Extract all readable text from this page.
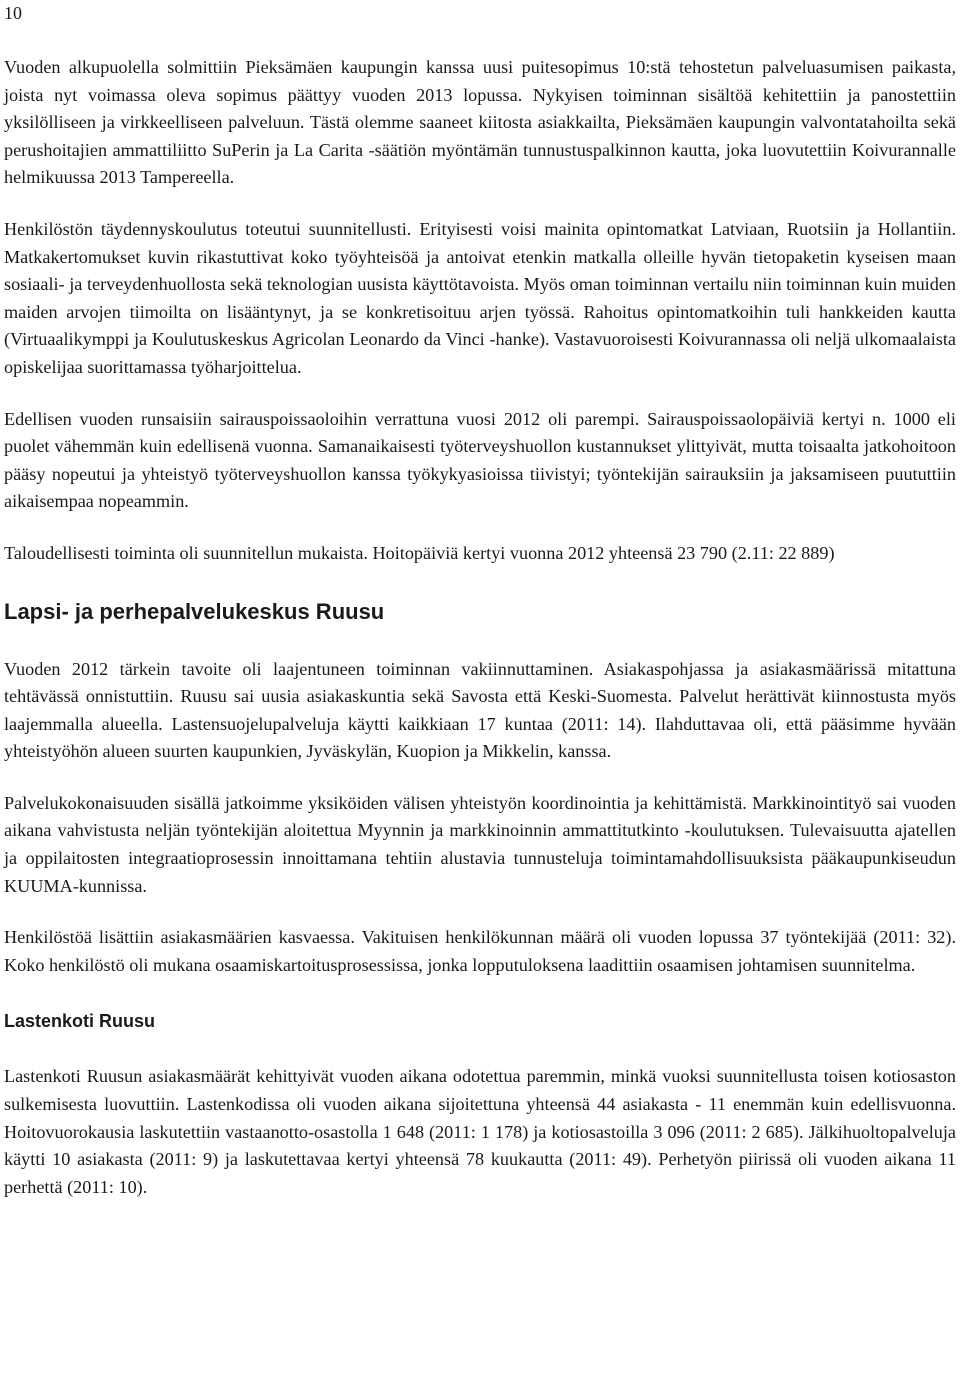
10

Vuoden alkupuolella solmittiin Pieksämäen kaupungin kanssa uusi puitesopimus 10:stä tehostetun palveluasumisen paikasta, joista nyt voimassa oleva sopimus päättyy vuoden 2013 lopussa. Nykyisen toiminnan sisältöä kehitettiin ja panostettiin yksilölliseen ja virkkeelliseen palveluun. Tästä olemme saaneet kiitosta asiakkailta, Pieksämäen kaupungin valvontatahoilta sekä perushoitajien ammattiliitto SuPerin ja La Carita -säätiön myöntämän tunnustuspalkinnon kautta, joka luovutettiin Koivurannalle helmikuussa 2013 Tampereella.

Henkilöstön täydennyskoulutus toteutui suunnitellusti. Erityisesti voisi mainita opintomatkat Latviaan, Ruotsiin ja Hollantiin. Matkakertomukset kuvin rikastuttivat koko työyhteisöä ja antoivat etenkin matkalla olleille hyvän tietopaketin kyseisen maan sosiaali- ja terveydenhuollosta sekä teknologian uusista käyttötavoista. Myös oman toiminnan vertailu niin toiminnan kuin muiden maiden arvojen tiimoilta on lisääntynyt, ja se konkretisoituu arjen työssä. Rahoitus opintomatkoihin tuli hankkeiden kautta (Virtuaalikymppi ja Koulutuskeskus Agricolan Leonardo da Vinci -hanke). Vastavuoroisesti Koivurannassa oli neljä ulkomaalaista opiskelijaa suorittamassa työharjoittelua.

Edellisen vuoden runsaisiin sairauspoissaoloihin verrattuna vuosi 2012 oli parempi. Sairauspoissaolopäiviä kertyi n. 1000 eli puolet vähemmän kuin edellisenä vuonna. Samanaikaisesti työterveyshuollon kustannukset ylittyivät, mutta toisaalta jatkohoitoon pääsy nopeutui ja yhteistyö työterveyshuollon kanssa työkykyasioissa tiivistyi; työntekijän sairauksiin ja jaksamiseen puututtiin aikaisempaa nopeammin.

Taloudellisesti toiminta oli suunnitellun mukaista. Hoitopäiviä kertyi vuonna 2012 yhteensä 23 790 (2.11: 22 889)

Lapsi- ja perhepalvelukeskus Ruusu

Vuoden 2012 tärkein tavoite oli laajentuneen toiminnan vakiinnuttaminen. Asiakaspohjassa ja asiakasmäärissä mitattuna tehtävässä onnistuttiin. Ruusu sai uusia asiakaskuntia sekä Savosta että Keski-Suomesta. Palvelut herättivät kiinnostusta myös laajemmalla alueella. Lastensuojelupalveluja käytti kaikkiaan 17 kuntaa (2011: 14). Ilahduttavaa oli, että pääsimme hyvään yhteistyöhön alueen suurten kaupunkien, Jyväskylän, Kuopion ja Mikkelin, kanssa.

Palvelukokonaisuuden sisällä jatkoimme yksiköiden välisen yhteistyön koordinointia ja kehittämistä. Markkinointityö sai vuoden aikana vahvistusta neljän työntekijän aloitettua Myynnin ja markkinoinnin ammattitutkinto -koulutuksen. Tulevaisuutta ajatellen ja oppilaitosten integraatioprosessin innoittamana tehtiin alustavia tunnusteluja toimintamahdollisuuksista pääkaupunkiseudun KUUMA-kunnissa.

Henkilöstöä lisättiin asiakasmäärien kasvaessa. Vakituisen henkilökunnan määrä oli vuoden lopussa 37 työntekijää (2011: 32). Koko henkilöstö oli mukana osaamiskartoitusprosessissa, jonka lopputuloksena laadittiin osaamisen johtamisen suunnitelma.

Lastenkoti Ruusu

Lastenkoti Ruusun asiakasmäärät kehittyivät vuoden aikana odotettua paremmin, minkä vuoksi suunnitellusta toisen kotiosaston sulkemisesta luovuttiin. Lastenkodissa oli vuoden aikana sijoitettuna yhteensä 44 asiakasta - 11 enemmän kuin edellisvuonna. Hoitovuorokausia laskutettiin vastaanotto-osastolla 1 648 (2011: 1 178) ja kotiosastoilla 3 096 (2011: 2 685). Jälkihuoltopalveluja käytti 10 asiakasta (2011: 9) ja laskutettavaa kertyi yhteensä 78 kuukautta (2011: 49). Perhetyön piirissä oli vuoden aikana 11 perhettä (2011: 10).
